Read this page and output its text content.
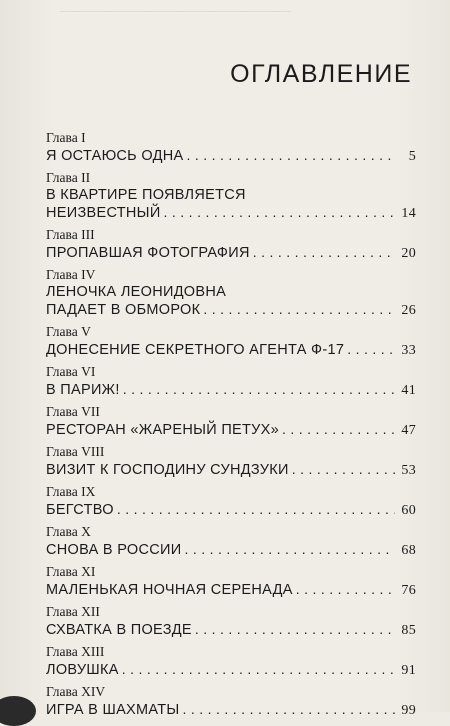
——————————————————————
ОГЛАВЛЕНИЕ
Глава I
Я ОСТАЮСЬ ОДНА . . .	5
Глава II
В КВАРТИРЕ ПОЯВЛЯЕТСЯ
НЕИЗВЕСТНЫЙ . . .	14
Глава III
ПРОПАВШАЯ ФОТОГРАФИЯ . . .	20
Глава IV
ЛЕНОЧКА ЛЕОНИДОВНА
ПАДАЕТ В ОБМОРОК . . .	26
Глава V
ДОНЕСЕНИЕ СЕКРЕТНОГО АГЕНТА Ф-17 . . .	33
Глава VI
В ПАРИЖ! . . .	41
Глава VII
РЕСТОРАН «ЖАРЕНЫЙ ПЕТУХ» . . .	47
Глава VIII
ВИЗИТ К ГОСПОДИНУ СУНДЗУКИ . . .	53
Глава IX
БЕГСТВО . . .	60
Глава X
СНОВА В РОССИИ . . .	68
Глава XI
МАЛЕНЬКАЯ НОЧНАЯ СЕРЕНАДА . . .	76
Глава XII
СХВАТКА В ПОЕЗДЕ . . .	85
Глава XIII
ЛОВУШКА . . .	91
Глава XIV
ИГРА В ШАХМАТЫ . . .	99
